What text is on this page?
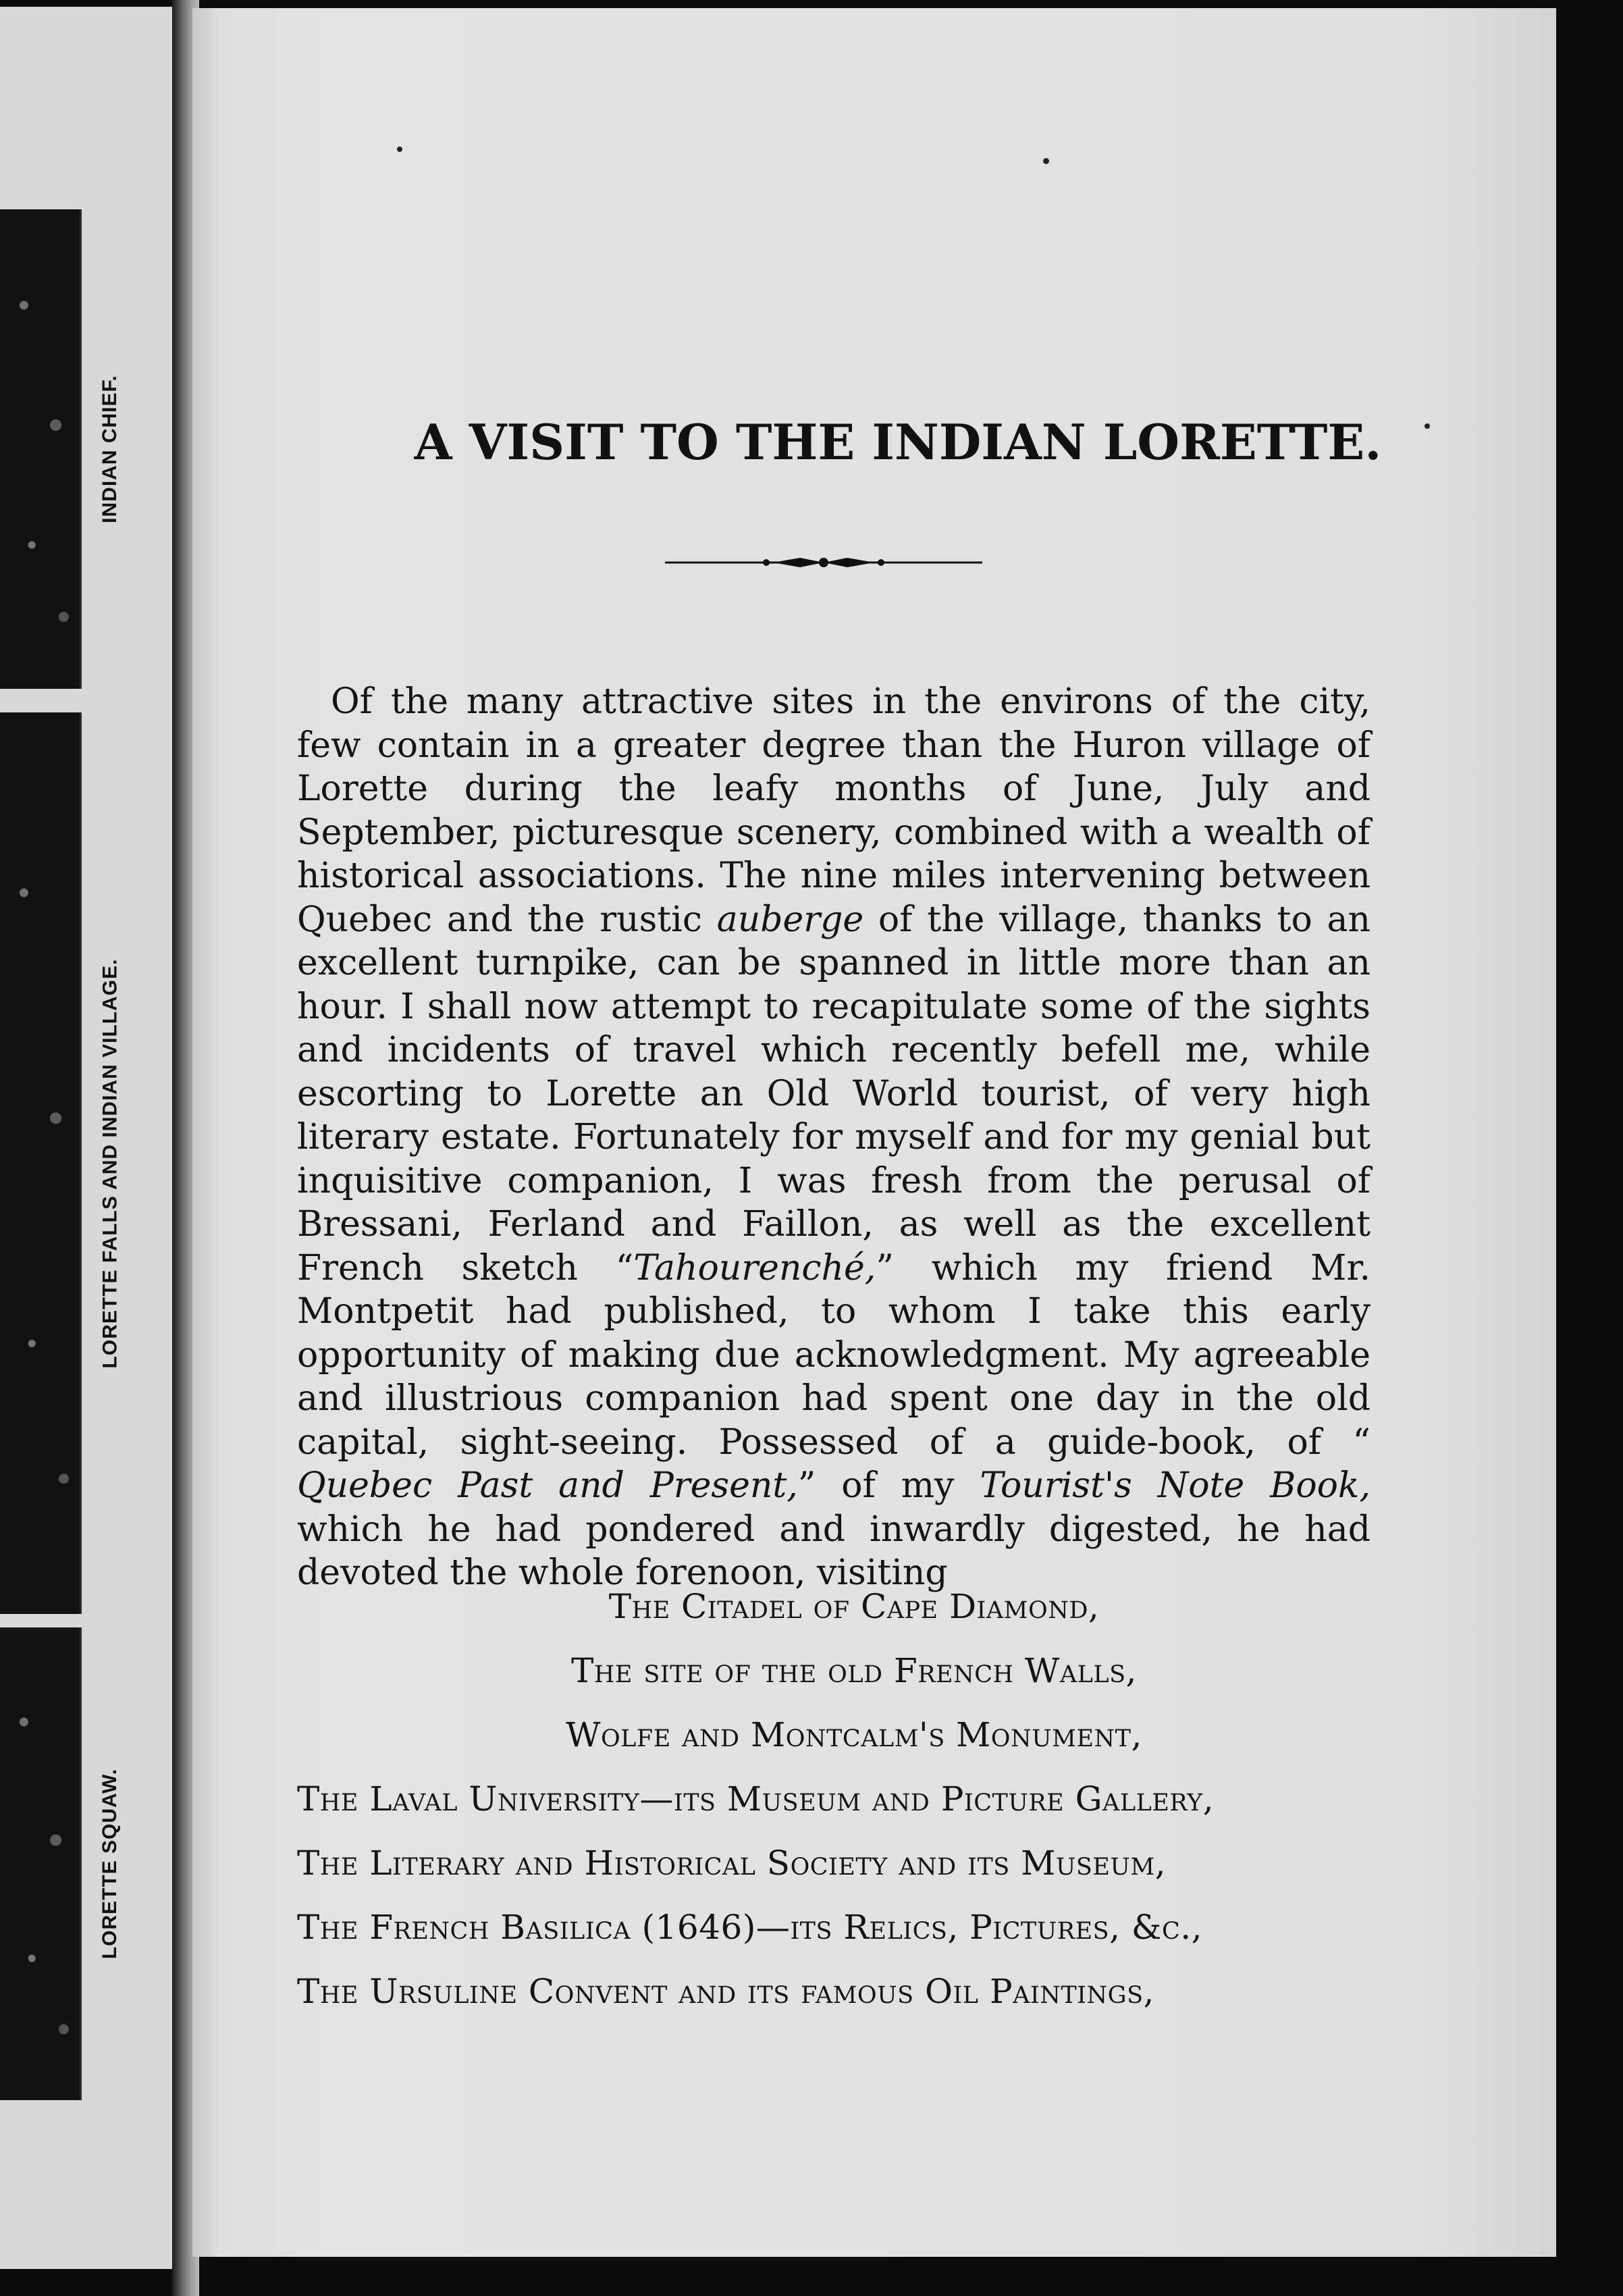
INDIAN CHIEF.
LORETTE FALLS AND INDIAN VILLAGE.
LORETTE SQUAW.
A VISIT TO THE INDIAN LORETTE.

Of the many attractive sites in the environs of the city, few contain in a greater degree than the Huron village of Lorette during the leafy months of June, July and September, picturesque scenery, combined with a wealth of historical associations. The nine miles intervening between Quebec and the rustic auberge of the village, thanks to an excellent turnpike, can be spanned in little more than an hour. I shall now attempt to recapitulate some of the sights and incidents of travel which recently befell me, while escorting to Lorette an Old World tourist, of very high literary estate. Fortunately for myself and for my genial but inquisitive companion, I was fresh from the perusal of Bressani, Ferland and Faillon, as well as the excellent French sketch “Tahourenché,” which my friend Mr. Montpetit had published, to whom I take this early opportunity of making due acknowledgment. My agreeable and illustrious companion had spent one day in the old capital, sight-seeing. Possessed of a guide-book, of “ Quebec Past and Present,” of my Tourist's Note Book, which he had pondered and inwardly digested, he had devoted the whole forenoon, visiting

The Citadel of Cape Diamond,
The site of the old French Walls,
Wolfe and Montcalm's Monument,
The Laval University—its Museum and Picture Gallery,
The Literary and Historical Society and its Museum,
The French Basilica (1646)—its Relics, Pictures, &c.,
The Ursuline Convent and its famous Oil Paintings,
